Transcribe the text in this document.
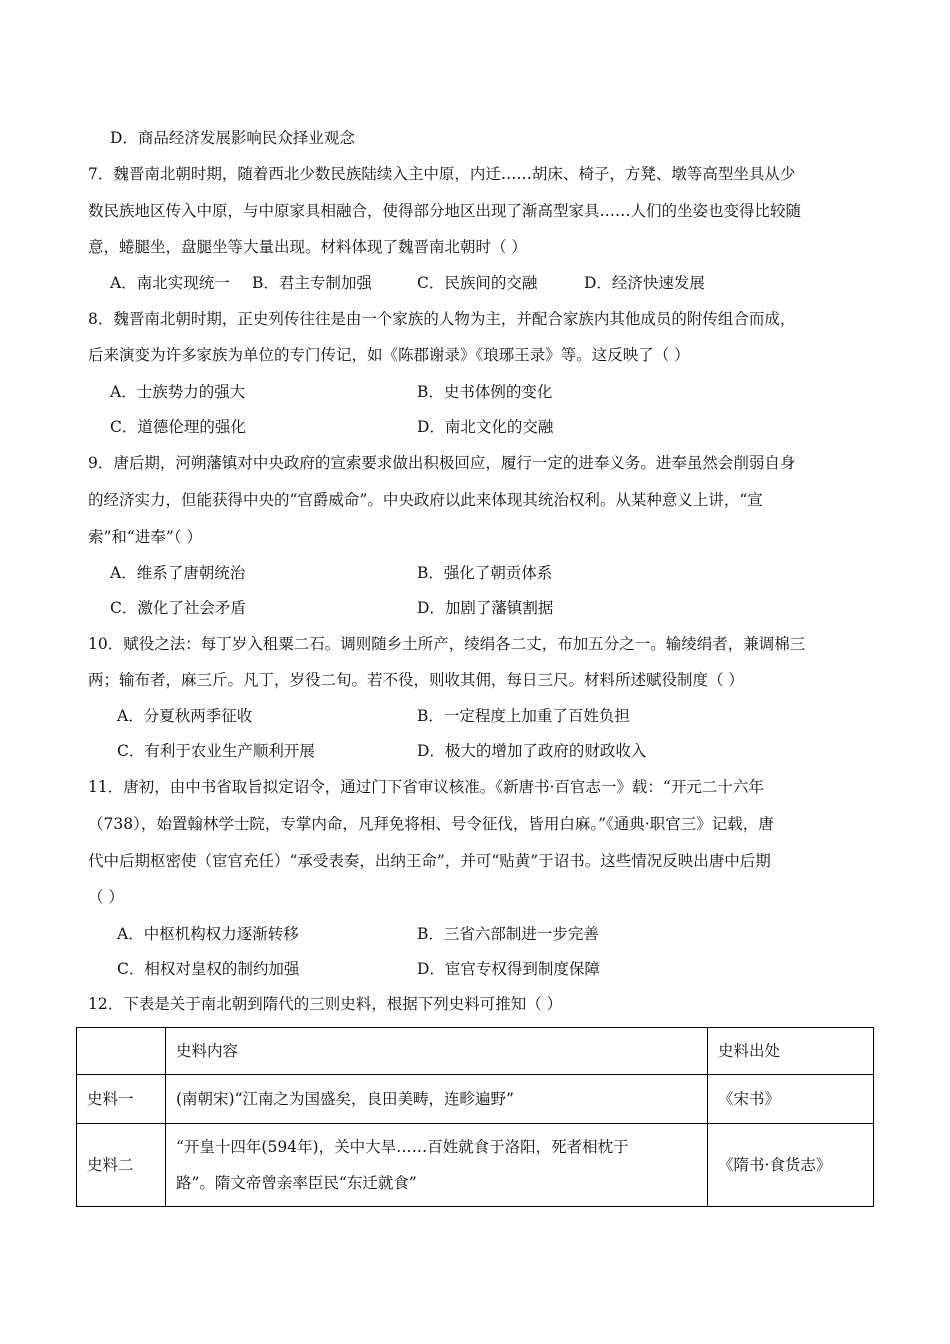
D．商品经济发展影响民众择业观念
7．魏晋南北朝时期，随着西北少数民族陆续入主中原，内迁……胡床、椅子，方凳、墩等高型坐具从少
数民族地区传入中原，与中原家具相融合，使得部分地区出现了渐高型家具……人们的坐姿也变得比较随
意，蜷腿坐，盘腿坐等大量出现。材料体现了魏晋南北朝时（ ）
A．南北实现统一 B．君主专制加强	C．民族间的交融	D．经济快速发展
8．魏晋南北朝时期，正史列传往往是由一个家族的人物为主，并配合家族内其他成员的附传组合而成，
后来演变为许多家族为单位的专门传记，如《陈郡谢录》《琅琊王录》等。这反映了（ ）
A．士族势力的强大	B．史书体例的变化
C．道德伦理的强化	D．南北文化的交融
9．唐后期，河朔藩镇对中央政府的宣索要求做出积极回应，履行一定的进奉义务。进奉虽然会削弱自身
的经济实力，但能获得中央的“官爵威命”。中央政府以此来体现其统治权利。从某种意义上讲，“宣
索”和“进奉”（ ）
A．维系了唐朝统治	B．强化了朝贡体系
C．激化了社会矛盾	D．加剧了藩镇割据
10．赋役之法：每丁岁入租粟二石。调则随乡土所产，绫绢各二丈，布加五分之一。输绫绢者，兼调棉三
两；输布者，麻三斤。凡丁，岁役二旬。若不役，则收其佣，每日三尺。材料所述赋役制度（ ）
A．分夏秋两季征收	B．一定程度上加重了百姓负担
C．有利于农业生产顺利开展	D．极大的增加了政府的财政收入
11．唐初，由中书省取旨拟定诏令，通过门下省审议核准。《新唐书·百官志一》载：“开元二十六年
（738），始置翰林学士院，专掌内命，凡拜免将相、号令征伐，皆用白麻。”《通典·职官三》记载，唐
代中后期枢密使（宦官充任）“承受表奏，出纳王命”，并可“贴黄”于诏书。这些情况反映出唐中后期
（ ）
A．中枢机构权力逐渐转移	B．三省六部制进一步完善
C．相权对皇权的制约加强	D．宦官专权得到制度保障
12．下表是关于南北朝到隋代的三则史料，根据下列史料可推知（ ）
	史料内容	史料出处
史料一	(南朝宋)“江南之为国盛矣，良田美畴，连畛遍野”	《宋书》
史料二	“开皇十四年(594年)，关中大旱……百姓就食于洛阳，死者相枕于
路”。隋文帝曾亲率臣民“东迁就食”	《隋书·食货志》
